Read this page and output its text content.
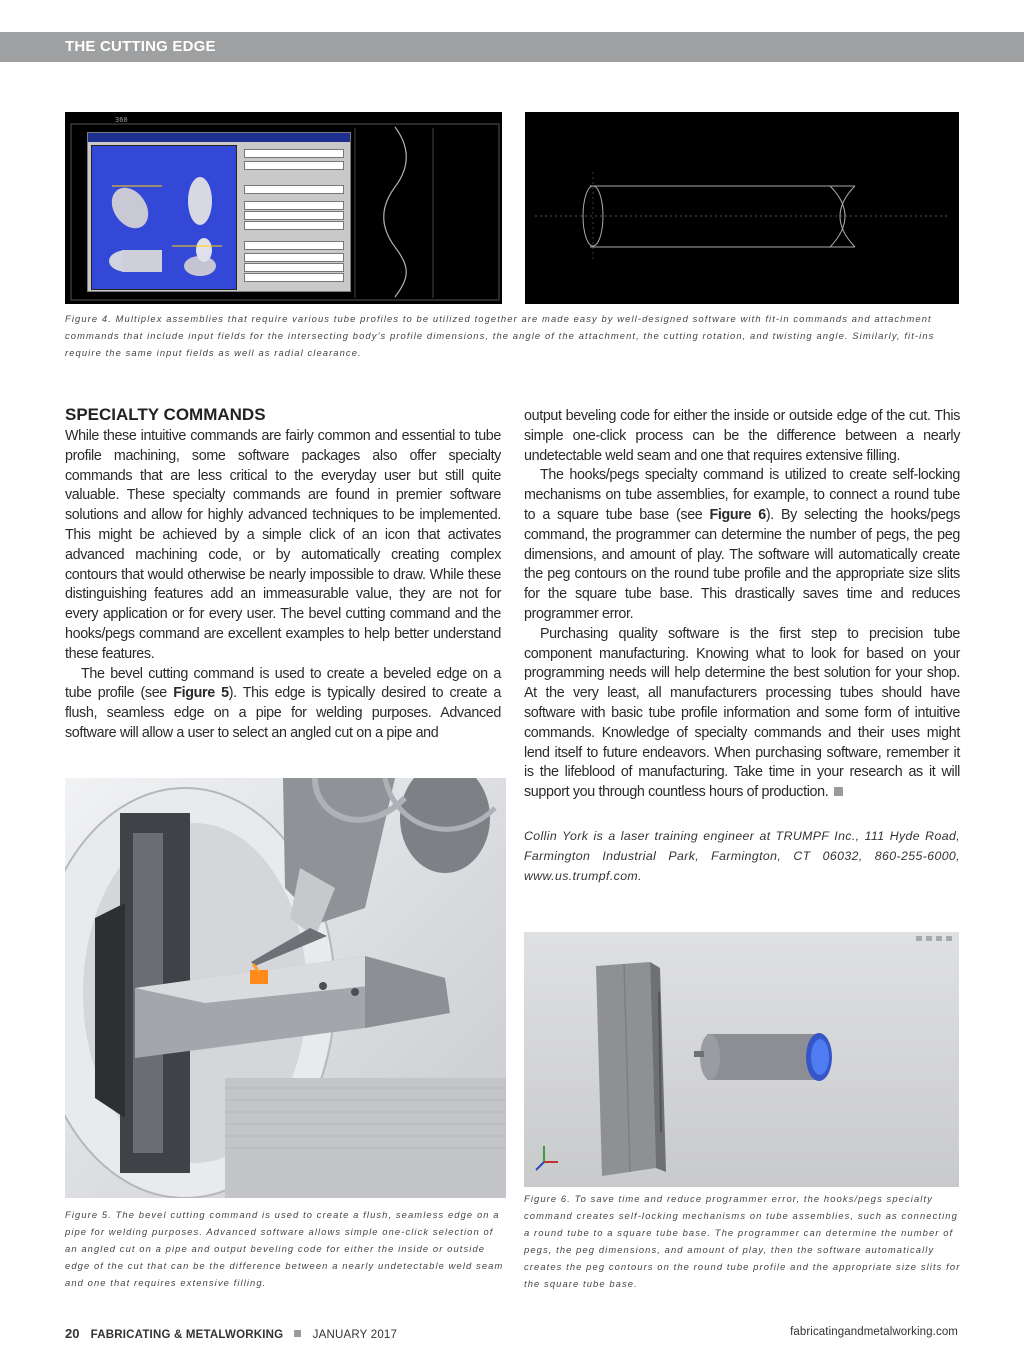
THE CUTTING EDGE
360

Figure 4. Multiplex assemblies that require various tube profiles to be utilized together are made easy by well-designed software with fit-in commands and attachment commands that include input fields for the intersecting body’s profile dimensions, the angle of the attachment, the cutting rotation, and twisting angle. Similarly, fit-ins require the same input fields as well as radial clearance.

SPECIALTY COMMANDS

While these intuitive commands are fairly common and essential to tube profile machining, some software packages also offer specialty commands that are less critical to the everyday user but still quite valuable. These specialty commands are found in premier software solutions and allow for highly advanced techniques to be implemented. This might be achieved by a simple click of an icon that activates advanced machining code, or by automatically creating complex contours that would otherwise be nearly impossible to draw. While these distinguishing features add an immeasurable value, they are not for every application or for every user. The bevel cutting command and the hooks/pegs command are excellent examples to help better understand these features.

The bevel cutting command is used to create a beveled edge on a tube profile (see Figure 5). This edge is typically desired to create a flush, seamless edge on a pipe for welding purposes. Advanced software will allow a user to select an angled cut on a pipe and

output beveling code for either the inside or outside edge of the cut. This simple one-click process can be the difference between a nearly undetectable weld seam and one that requires extensive filling.

The hooks/pegs specialty command is utilized to create self-locking mechanisms on tube assemblies, for example, to connect a round tube to a square tube base (see Figure 6). By selecting the hooks/pegs command, the programmer can determine the number of pegs, the peg dimensions, and amount of play. The software will automatically create the peg contours on the round tube profile and the appropriate size slits for the square tube base. This drastically saves time and reduces programmer error.

Purchasing quality software is the first step to precision tube component manufacturing. Knowing what to look for based on your programming needs will help determine the best solution for your shop. At the very least, all manufacturers processing tubes should have software with basic tube profile information and some form of intuitive commands. Knowledge of specialty commands and their uses might lend itself to future endeavors. When purchasing software, remember it is the lifeblood of manufacturing. Take time in your research as it will support you through countless hours of production.

Collin York is a laser training engineer at TRUMPF Inc., 111 Hyde Road, Farmington Industrial Park, Farmington, CT 06032, 860-255-6000, www.us.trumpf.com.

Figure 5. The bevel cutting command is used to create a flush, seamless edge on a pipe for welding purposes. Advanced software allows simple one-click selection of an angled cut on a pipe and output beveling code for either the inside or outside edge of the cut that can be the difference between a nearly undetectable weld seam and one that requires extensive filling.

Figure 6. To save time and reduce programmer error, the hooks/pegs specialty command creates self-locking mechanisms on tube assemblies, such as connecting a round tube to a square tube base. The programmer can determine the number of pegs, the peg dimensions, and amount of play, then the software automatically creates the peg contours on the round tube profile and the appropriate size slits for the square tube base.

20 FABRICATING & METALWORKING	JANUARY 2017	fabricatingandmetalworking.com
